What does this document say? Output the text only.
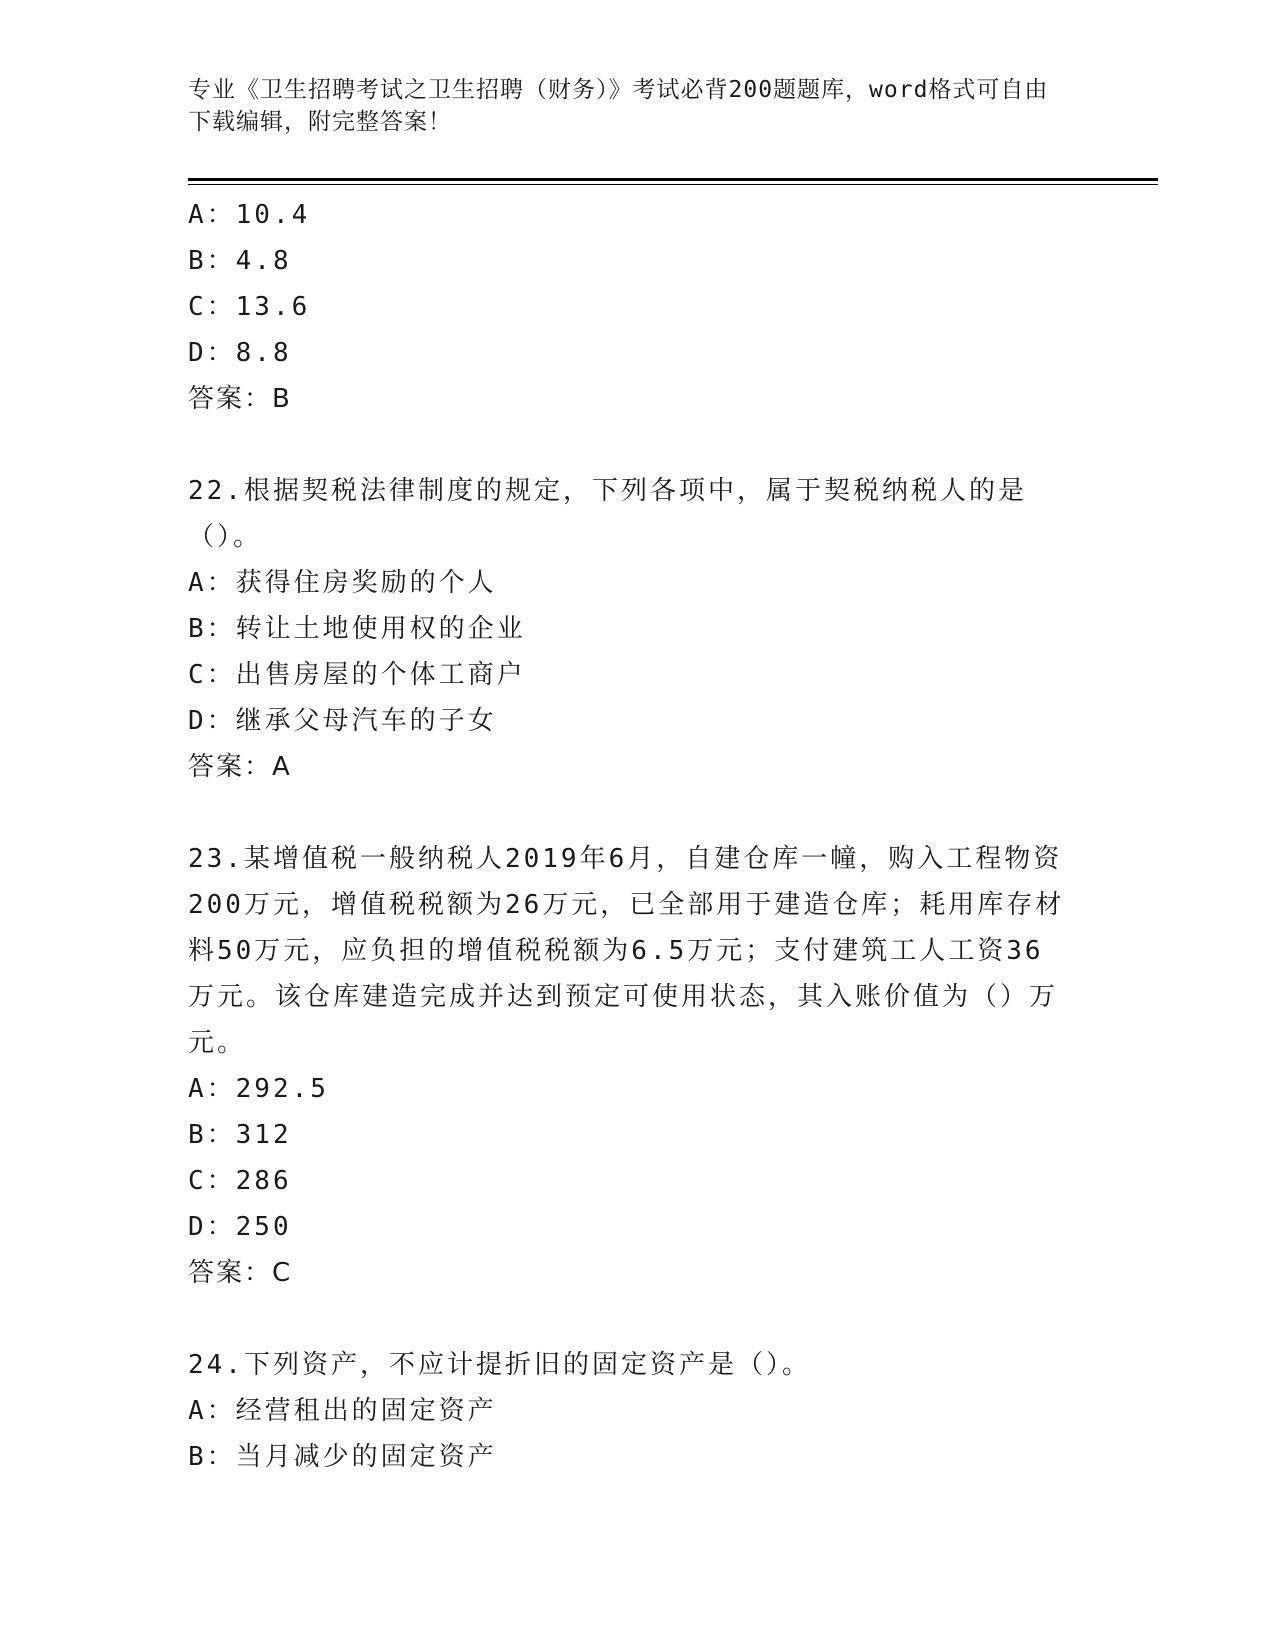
专业《卫生招聘考试之卫生招聘（财务）》考试必背200题题库，word格式可自由下载编辑，附完整答案！
A：10.4
B：4.8
C：13.6
D：8.8
答案：B
22.根据契税法律制度的规定，下列各项中，属于契税纳税人的是（）。
A：获得住房奖励的个人
B：转让土地使用权的企业
C：出售房屋的个体工商户
D：继承父母汽车的子女
答案：A
23.某增值税一般纳税人2019年6月，自建仓库一幢，购入工程物资200万元，增值税税额为26万元，已全部用于建造仓库；耗用库存材料50万元，应负担的增值税税额为6.5万元；支付建筑工人工资36万元。该仓库建造完成并达到预定可使用状态，其入账价值为（）万元。
A：292.5
B：312
C：286
D：250
答案：C
24.下列资产，不应计提折旧的固定资产是（）。
A：经营租出的固定资产
B：当月减少的固定资产
